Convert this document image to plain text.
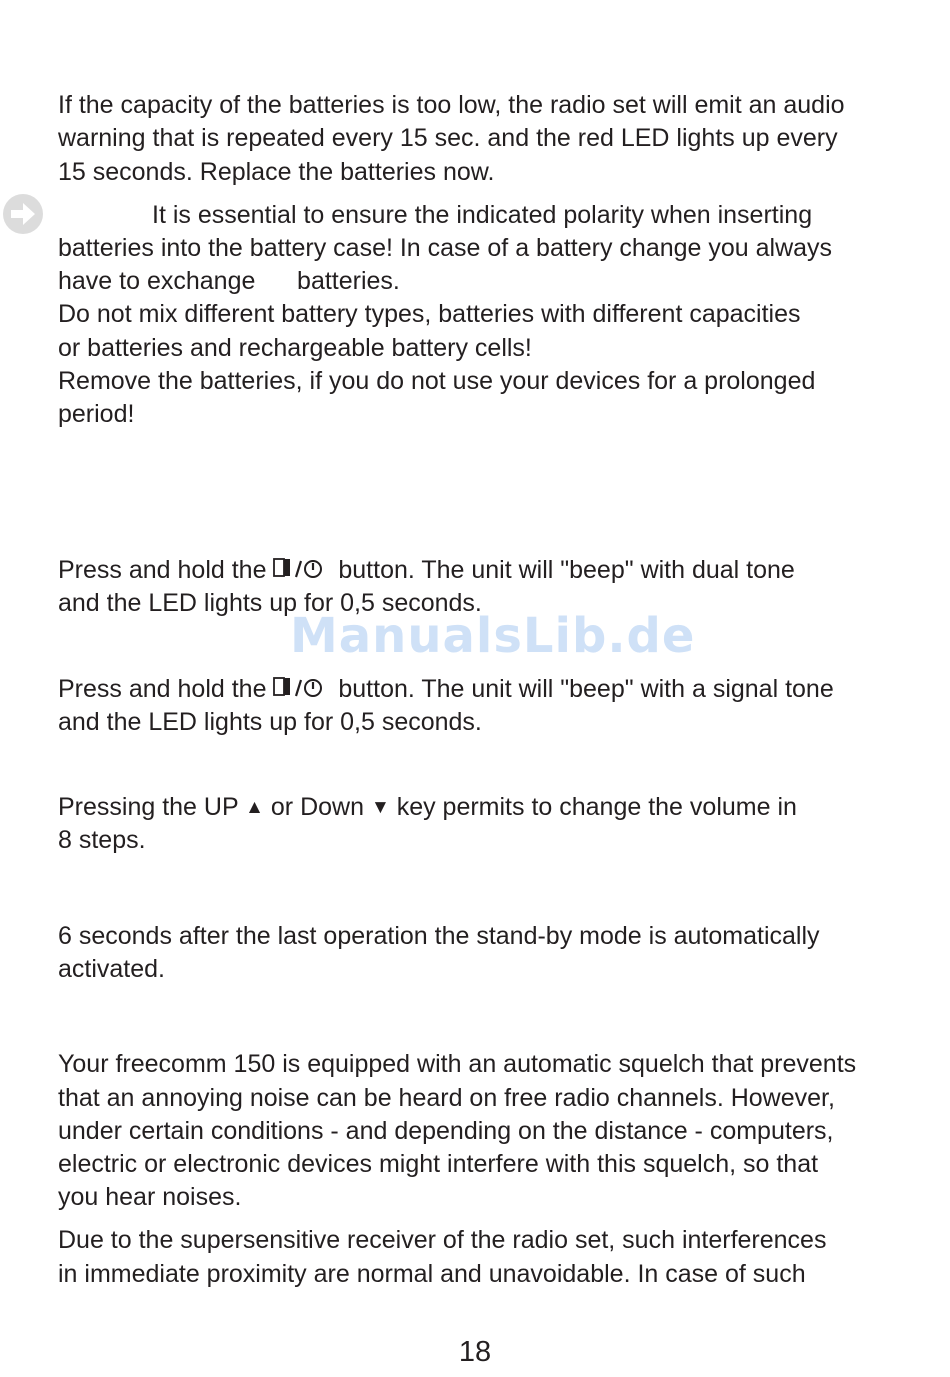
If the capacity of the batteries is too low, the radio set will emit an audio
warning that is repeated every 15 sec. and the red LED lights up every
15 seconds. Replace the batteries now.
It is essential to ensure the indicated polarity when inserting
batteries into the battery case! In case of a battery change you always
have to exchange      batteries.
Do not mix different battery types, batteries with different capacities
or batteries and rechargeable battery cells!
Remove the batteries, if you do not use your devices for a prolonged
period!
Press and hold the  button. The unit will "beep" with dual tone
and the LED lights up for 0,5 seconds.
ManualsLib.de
Press and hold the  button. The unit will "beep" with a signal tone
and the LED lights up for 0,5 seconds.
Pressing the UP ▲ or Down ▼ key permits to change the volume in
8 steps.
6 seconds after the last operation the stand-by mode is automatically
activated.
Your freecomm 150 is equipped with an automatic squelch that prevents
that an annoying noise can be heard on free radio channels. However,
under certain conditions - and depending on the distance - computers,
electric or electronic devices might interfere with this squelch, so that
you hear noises.
Due to the supersensitive receiver of the radio set, such interferences
in immediate proximity are normal and unavoidable. In case of such
18
